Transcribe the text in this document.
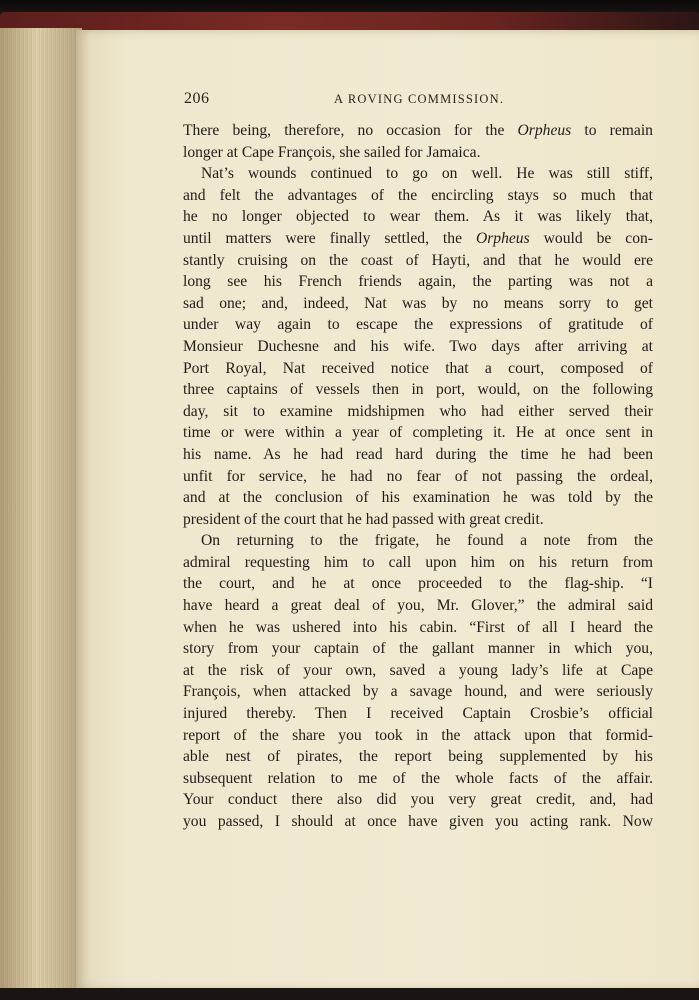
206	A ROVING COMMISSION.
There being, therefore, no occasion for the Orpheus to remain
longer at Cape François, she sailed for Jamaica.
Nat’s wounds continued to go on well. He was still stiff,
and felt the advantages of the encircling stays so much that
he no longer objected to wear them. As it was likely that,
until matters were finally settled, the Orpheus would be con-
stantly cruising on the coast of Hayti, and that he would ere
long see his French friends again, the parting was not a
sad one; and, indeed, Nat was by no means sorry to get
under way again to escape the expressions of gratitude of
Monsieur Duchesne and his wife. Two days after arriving at
Port Royal, Nat received notice that a court, composed of
three captains of vessels then in port, would, on the following
day, sit to examine midshipmen who had either served their
time or were within a year of completing it. He at once sent in
his name. As he had read hard during the time he had been
unfit for service, he had no fear of not passing the ordeal,
and at the conclusion of his examination he was told by the
president of the court that he had passed with great credit.
On returning to the frigate, he found a note from the
admiral requesting him to call upon him on his return from
the court, and he at once proceeded to the flag-ship. “I
have heard a great deal of you, Mr. Glover,” the admiral said
when he was ushered into his cabin. “First of all I heard the
story from your captain of the gallant manner in which you,
at the risk of your own, saved a young lady’s life at Cape
François, when attacked by a savage hound, and were seriously
injured thereby. Then I received Captain Crosbie’s official
report of the share you took in the attack upon that formid-
able nest of pirates, the report being supplemented by his
subsequent relation to me of the whole facts of the affair.
Your conduct there also did you very great credit, and, had
you passed, I should at once have given you acting rank. Now
